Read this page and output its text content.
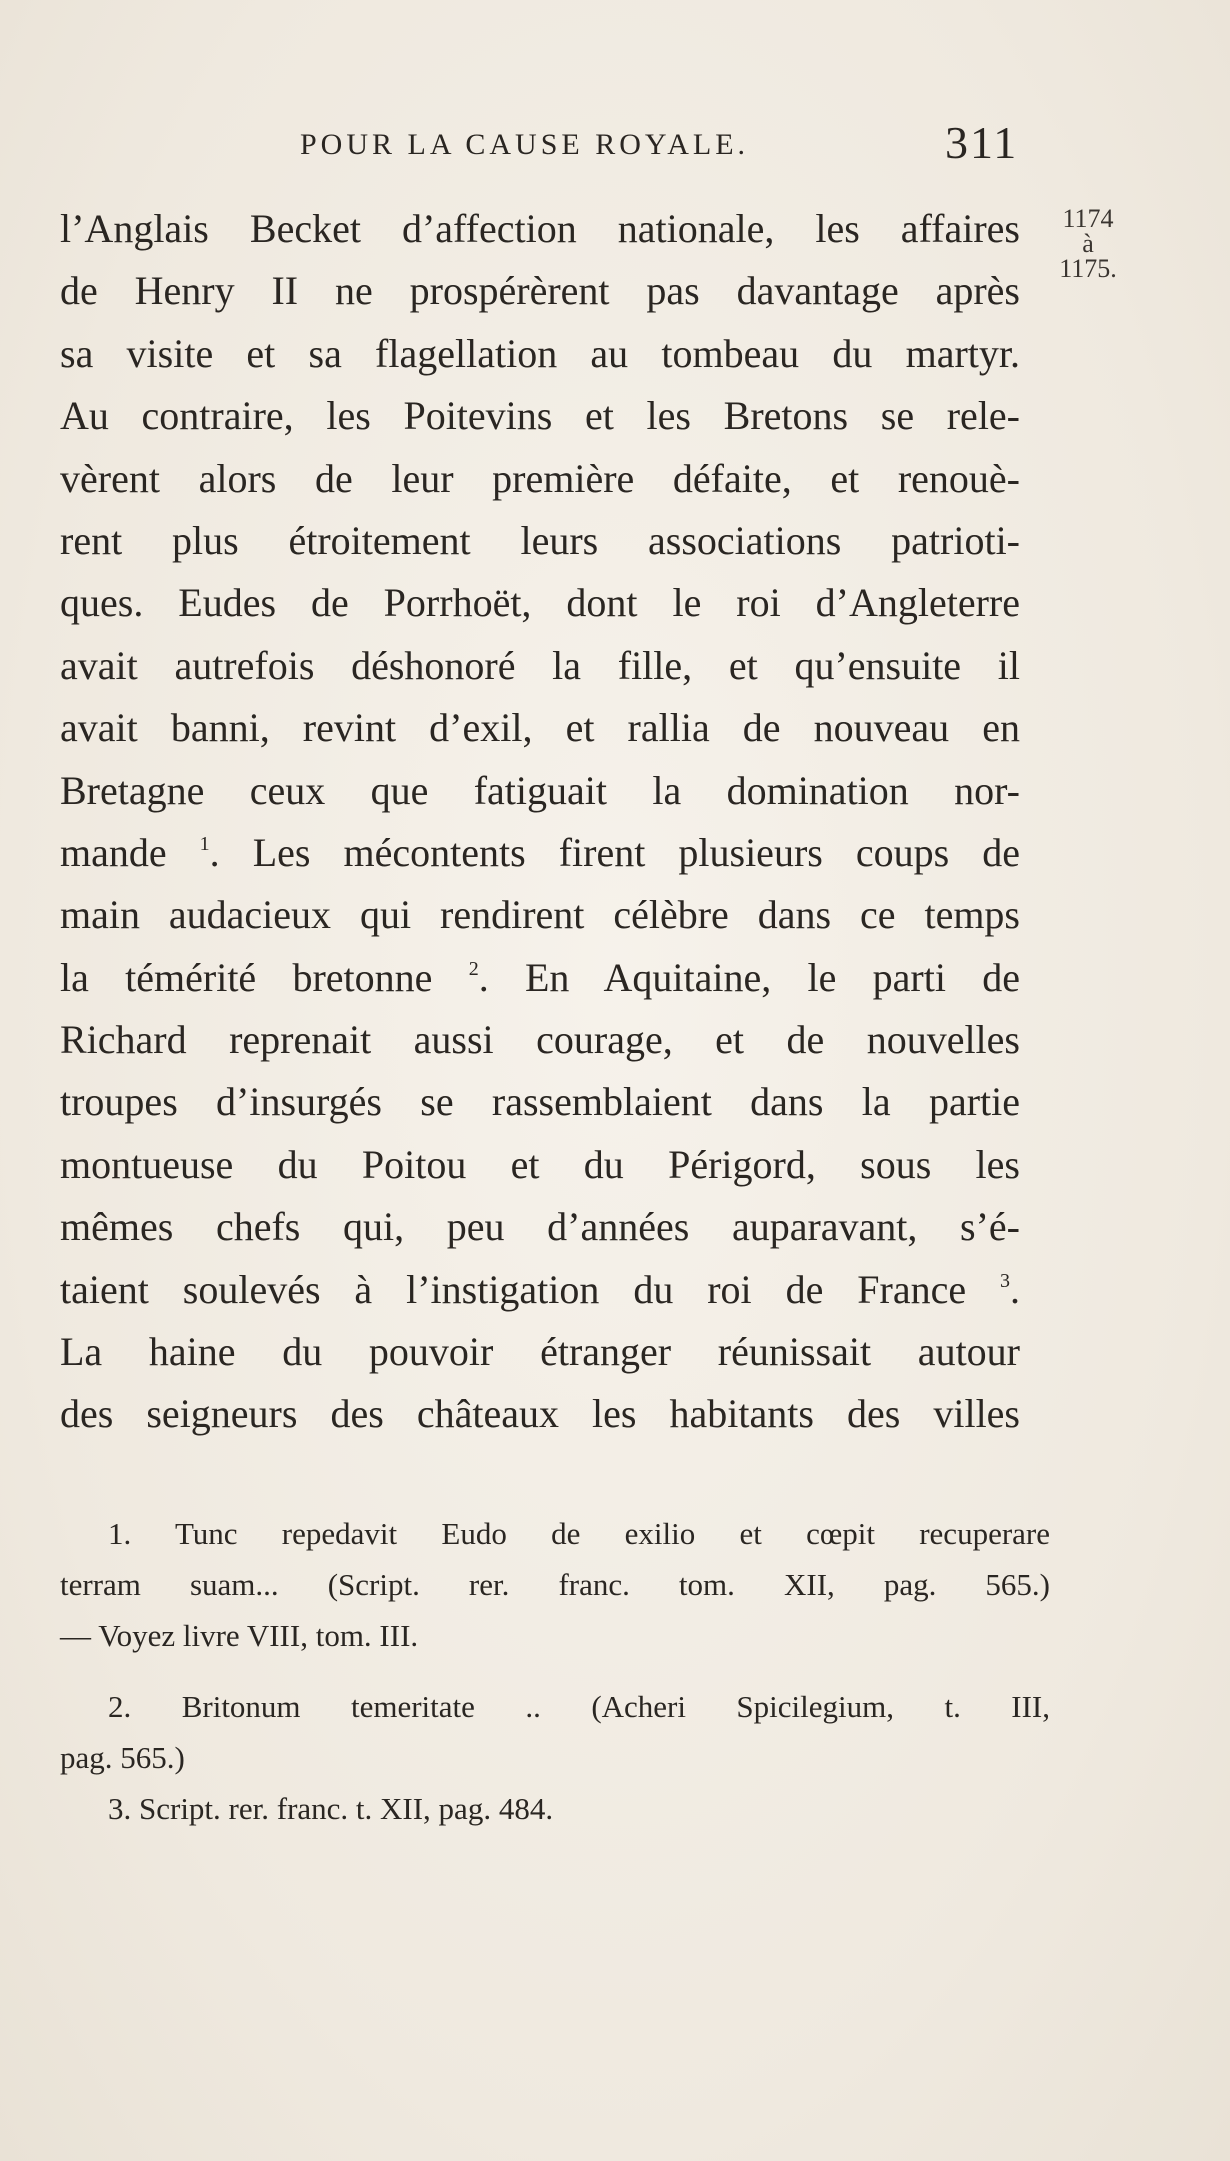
POUR LA CAUSE ROYALE.	311
1174
à
1175.
l’Anglais Becket d’affection nationale, les affaires
de Henry II ne prospérèrent pas davantage après
sa visite et sa flagellation au tombeau du martyr.
Au contraire, les Poitevins et les Bretons se rele-
vèrent alors de leur première défaite, et renouè-
rent plus étroitement leurs associations patrioti-
ques. Eudes de Porrhoët, dont le roi d’Angleterre
avait autrefois déshonoré la fille, et qu’ensuite il
avait banni, revint d’exil, et rallia de nouveau en
Bretagne ceux que fatiguait la domination nor-
mande $^1$. Les mécontents firent plusieurs coups de
main audacieux qui rendirent célèbre dans ce temps
la témérité bretonne $^2$. En Aquitaine, le parti de
Richard reprenait aussi courage, et de nouvelles
troupes d’insurgés se rassemblaient dans la partie
montueuse du Poitou et du Périgord, sous les
mêmes chefs qui, peu d’années auparavant, s’é-
taient soulevés à l’instigation du roi de France $^3$.
La haine du pouvoir étranger réunissait autour
des seigneurs des châteaux les habitants des villes
1. Tunc repedavit Eudo de exilio et cœpit recuperare
terram suam... (Script. rer. franc. tom. XII, pag. 565.)
— Voyez livre VIII, tom. III.
2. Britonum temeritate .. (Acheri Spicilegium, t. III,
pag. 565.)
3. Script. rer. franc. t. XII, pag. 484.
